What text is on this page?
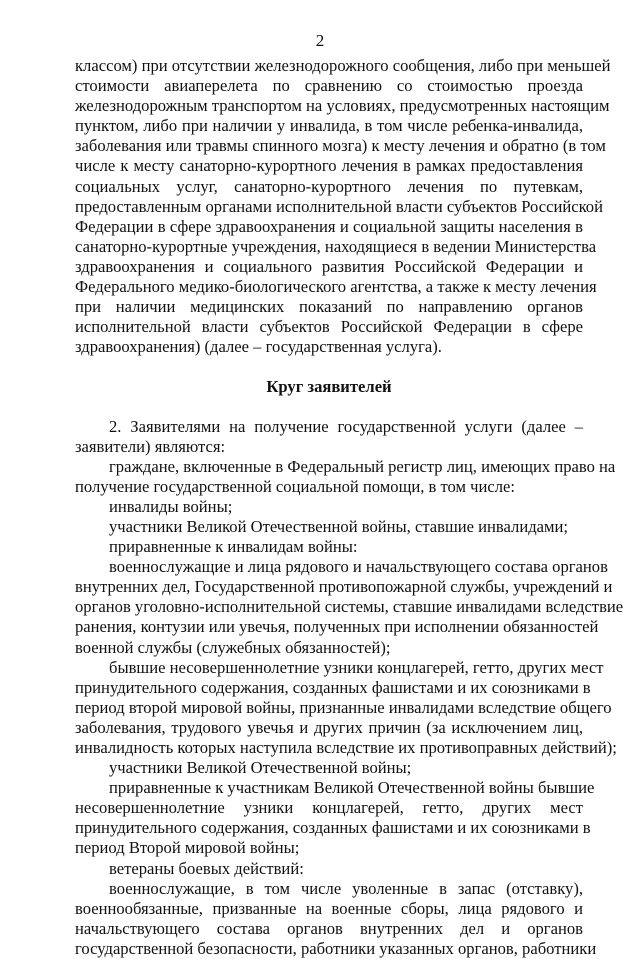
2
классом) при отсутствии железнодорожного сообщения, либо при меньшей
стоимости авиаперелета по сравнению со стоимостью проезда
железнодорожным транспортом на условиях, предусмотренных настоящим
пунктом, либо при наличии у инвалида, в том числе ребенка-инвалида,
заболевания или травмы спинного мозга) к месту лечения и обратно (в том
числе к месту санаторно-курортного лечения в рамках предоставления
социальных услуг, санаторно-курортного лечения по путевкам,
предоставленным органами исполнительной власти субъектов Российской
Федерации в сфере здравоохранения и социальной защиты населения в
санаторно-курортные учреждения, находящиеся в ведении Министерства
здравоохранения и социального развития Российской Федерации и
Федерального медико-биологического агентства, а также к месту лечения
при наличии медицинских показаний по направлению органов
исполнительной власти субъектов Российской Федерации в сфере
здравоохранения) (далее – государственная услуга).
Круг заявителей
2. Заявителями на получение государственной услуги (далее –
заявители) являются:
граждане, включенные в Федеральный регистр лиц, имеющих право на
получение государственной социальной помощи, в том числе:
инвалиды войны;
участники Великой Отечественной войны, ставшие инвалидами;
приравненные к инвалидам войны:
военнослужащие и лица рядового и начальствующего состава органов
внутренних дел, Государственной противопожарной службы, учреждений и
органов уголовно-исполнительной системы, ставшие инвалидами вследствие
ранения, контузии или увечья, полученных при исполнении обязанностей
военной службы (служебных обязанностей);
бывшие несовершеннолетние узники концлагерей, гетто, других мест
принудительного содержания, созданных фашистами и их союзниками в
период второй мировой войны, признанные инвалидами вследствие общего
заболевания, трудового увечья и других причин (за исключением лиц,
инвалидность которых наступила вследствие их противоправных действий);
участники Великой Отечественной войны;
приравненные к участникам Великой Отечественной войны бывшие
несовершеннолетние узники концлагерей, гетто, других мест
принудительного содержания, созданных фашистами и их союзниками в
период Второй мировой войны;
ветераны боевых действий:
военнослужащие, в том числе уволенные в запас (отставку),
военнообязанные, призванные на военные сборы, лица рядового и
начальствующего состава органов внутренних дел и органов
государственной безопасности, работники указанных органов, работники
